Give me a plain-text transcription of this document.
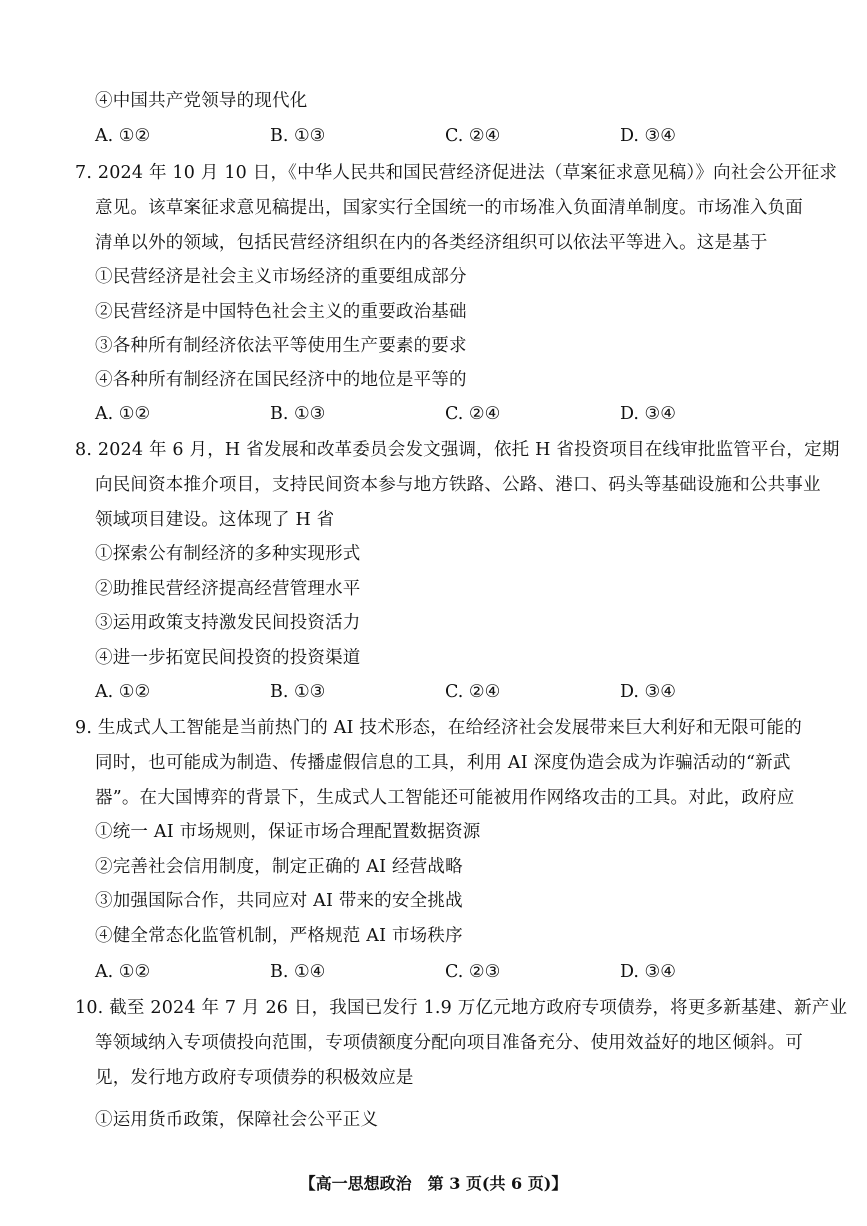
④中国共产党领导的现代化
A. ①②	B. ①③	C. ②④	D. ③④
7. 2024 年 10 月 10 日，《中华人民共和国民营经济促进法（草案征求意见稿）》向社会公开征求
意见。该草案征求意见稿提出，国家实行全国统一的市场准入负面清单制度。市场准入负面
清单以外的领域，包括民营经济组织在内的各类经济组织可以依法平等进入。这是基于
①民营经济是社会主义市场经济的重要组成部分
②民营经济是中国特色社会主义的重要政治基础
③各种所有制经济依法平等使用生产要素的要求
④各种所有制经济在国民经济中的地位是平等的
A. ①②	B. ①③	C. ②④	D. ③④
8. 2024 年 6 月，H 省发展和改革委员会发文强调，依托 H 省投资项目在线审批监管平台，定期
向民间资本推介项目，支持民间资本参与地方铁路、公路、港口、码头等基础设施和公共事业
领域项目建设。这体现了 H 省
①探索公有制经济的多种实现形式
②助推民营经济提高经营管理水平
③运用政策支持激发民间投资活力
④进一步拓宽民间投资的投资渠道
A. ①②	B. ①③	C. ②④	D. ③④
9. 生成式人工智能是当前热门的 AI 技术形态，在给经济社会发展带来巨大利好和无限可能的
同时，也可能成为制造、传播虚假信息的工具，利用 AI 深度伪造会成为诈骗活动的“新武
器”。在大国博弈的背景下，生成式人工智能还可能被用作网络攻击的工具。对此，政府应
①统一 AI 市场规则，保证市场合理配置数据资源
②完善社会信用制度，制定正确的 AI 经营战略
③加强国际合作，共同应对 AI 带来的安全挑战
④健全常态化监管机制，严格规范 AI 市场秩序
A. ①②	B. ①④	C. ②③	D. ③④
10. 截至 2024 年 7 月 26 日，我国已发行 1.9 万亿元地方政府专项债券，将更多新基建、新产业
等领域纳入专项债投向范围，专项债额度分配向项目准备充分、使用效益好的地区倾斜。可
见，发行地方政府专项债券的积极效应是
①运用货币政策，保障社会公平正义
【高一思想政治　第 3 页(共 6 页)】
